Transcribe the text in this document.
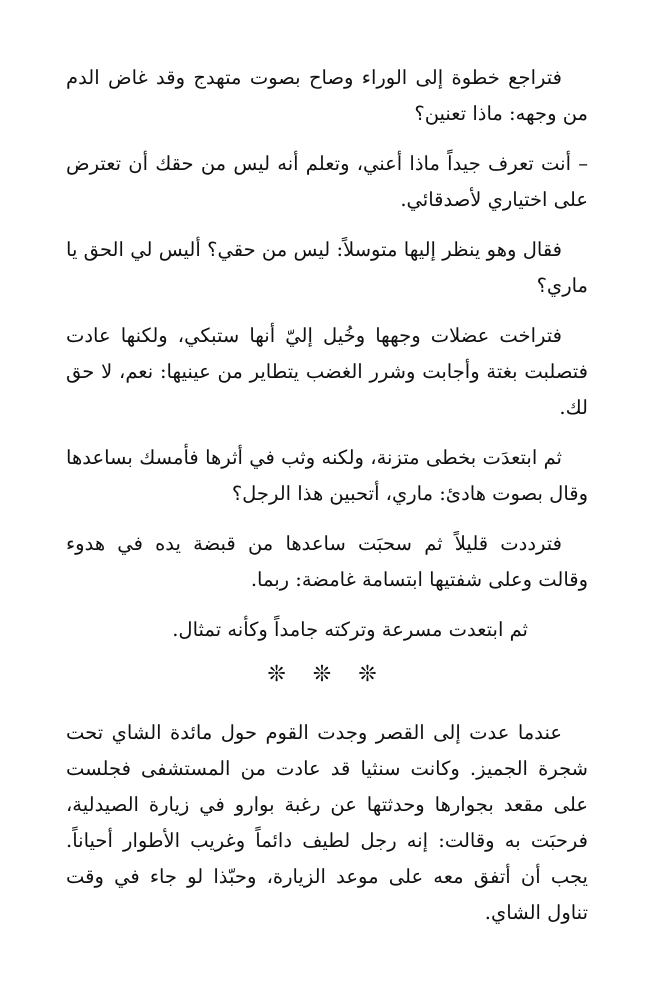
فتراجع خطوة إلى الوراء وصاح بصوت متهدج وقد غاض الدم من وجهه: ماذا تعنين؟

– أنت تعرف جيداً ماذا أعني، وتعلم أنه ليس من حقك أن تعترض على اختياري لأصدقائي.

فقال وهو ينظر إليها متوسلاً: ليس من حقي؟ أليس لي الحق يا ماري؟

فتراخت عضلات وجهها وخُيل إليّ أنها ستبكي، ولكنها عادت فتصلبت بغتة وأجابت وشرر الغضب يتطاير من عينيها: نعم، لا حق لك.

ثم ابتعدَت بخطى متزنة، ولكنه وثب في أثرها فأمسك بساعدها وقال بصوت هادئ: ماري، أتحبين هذا الرجل؟

فترددت قليلاً ثم سحبَت ساعدها من قبضة يده في هدوء وقالت وعلى شفتيها ابتسامة غامضة: ربما.

ثم ابتعدت مسرعة وتركته جامداً وكأنه تمثال.

❊ ❊ ❊

عندما عدت إلى القصر وجدت القوم حول مائدة الشاي تحت شجرة الجميز. وكانت سنثيا قد عادت من المستشفى فجلست على مقعد بجوارها وحدثتها عن رغبة بوارو في زيارة الصيدلية، فرحبَت به وقالت: إنه رجل لطيف دائماً وغريب الأطوار أحياناً. يجب أن أتفق معه على موعد الزيارة، وحبّذا لو جاء في وقت تناول الشاي.
